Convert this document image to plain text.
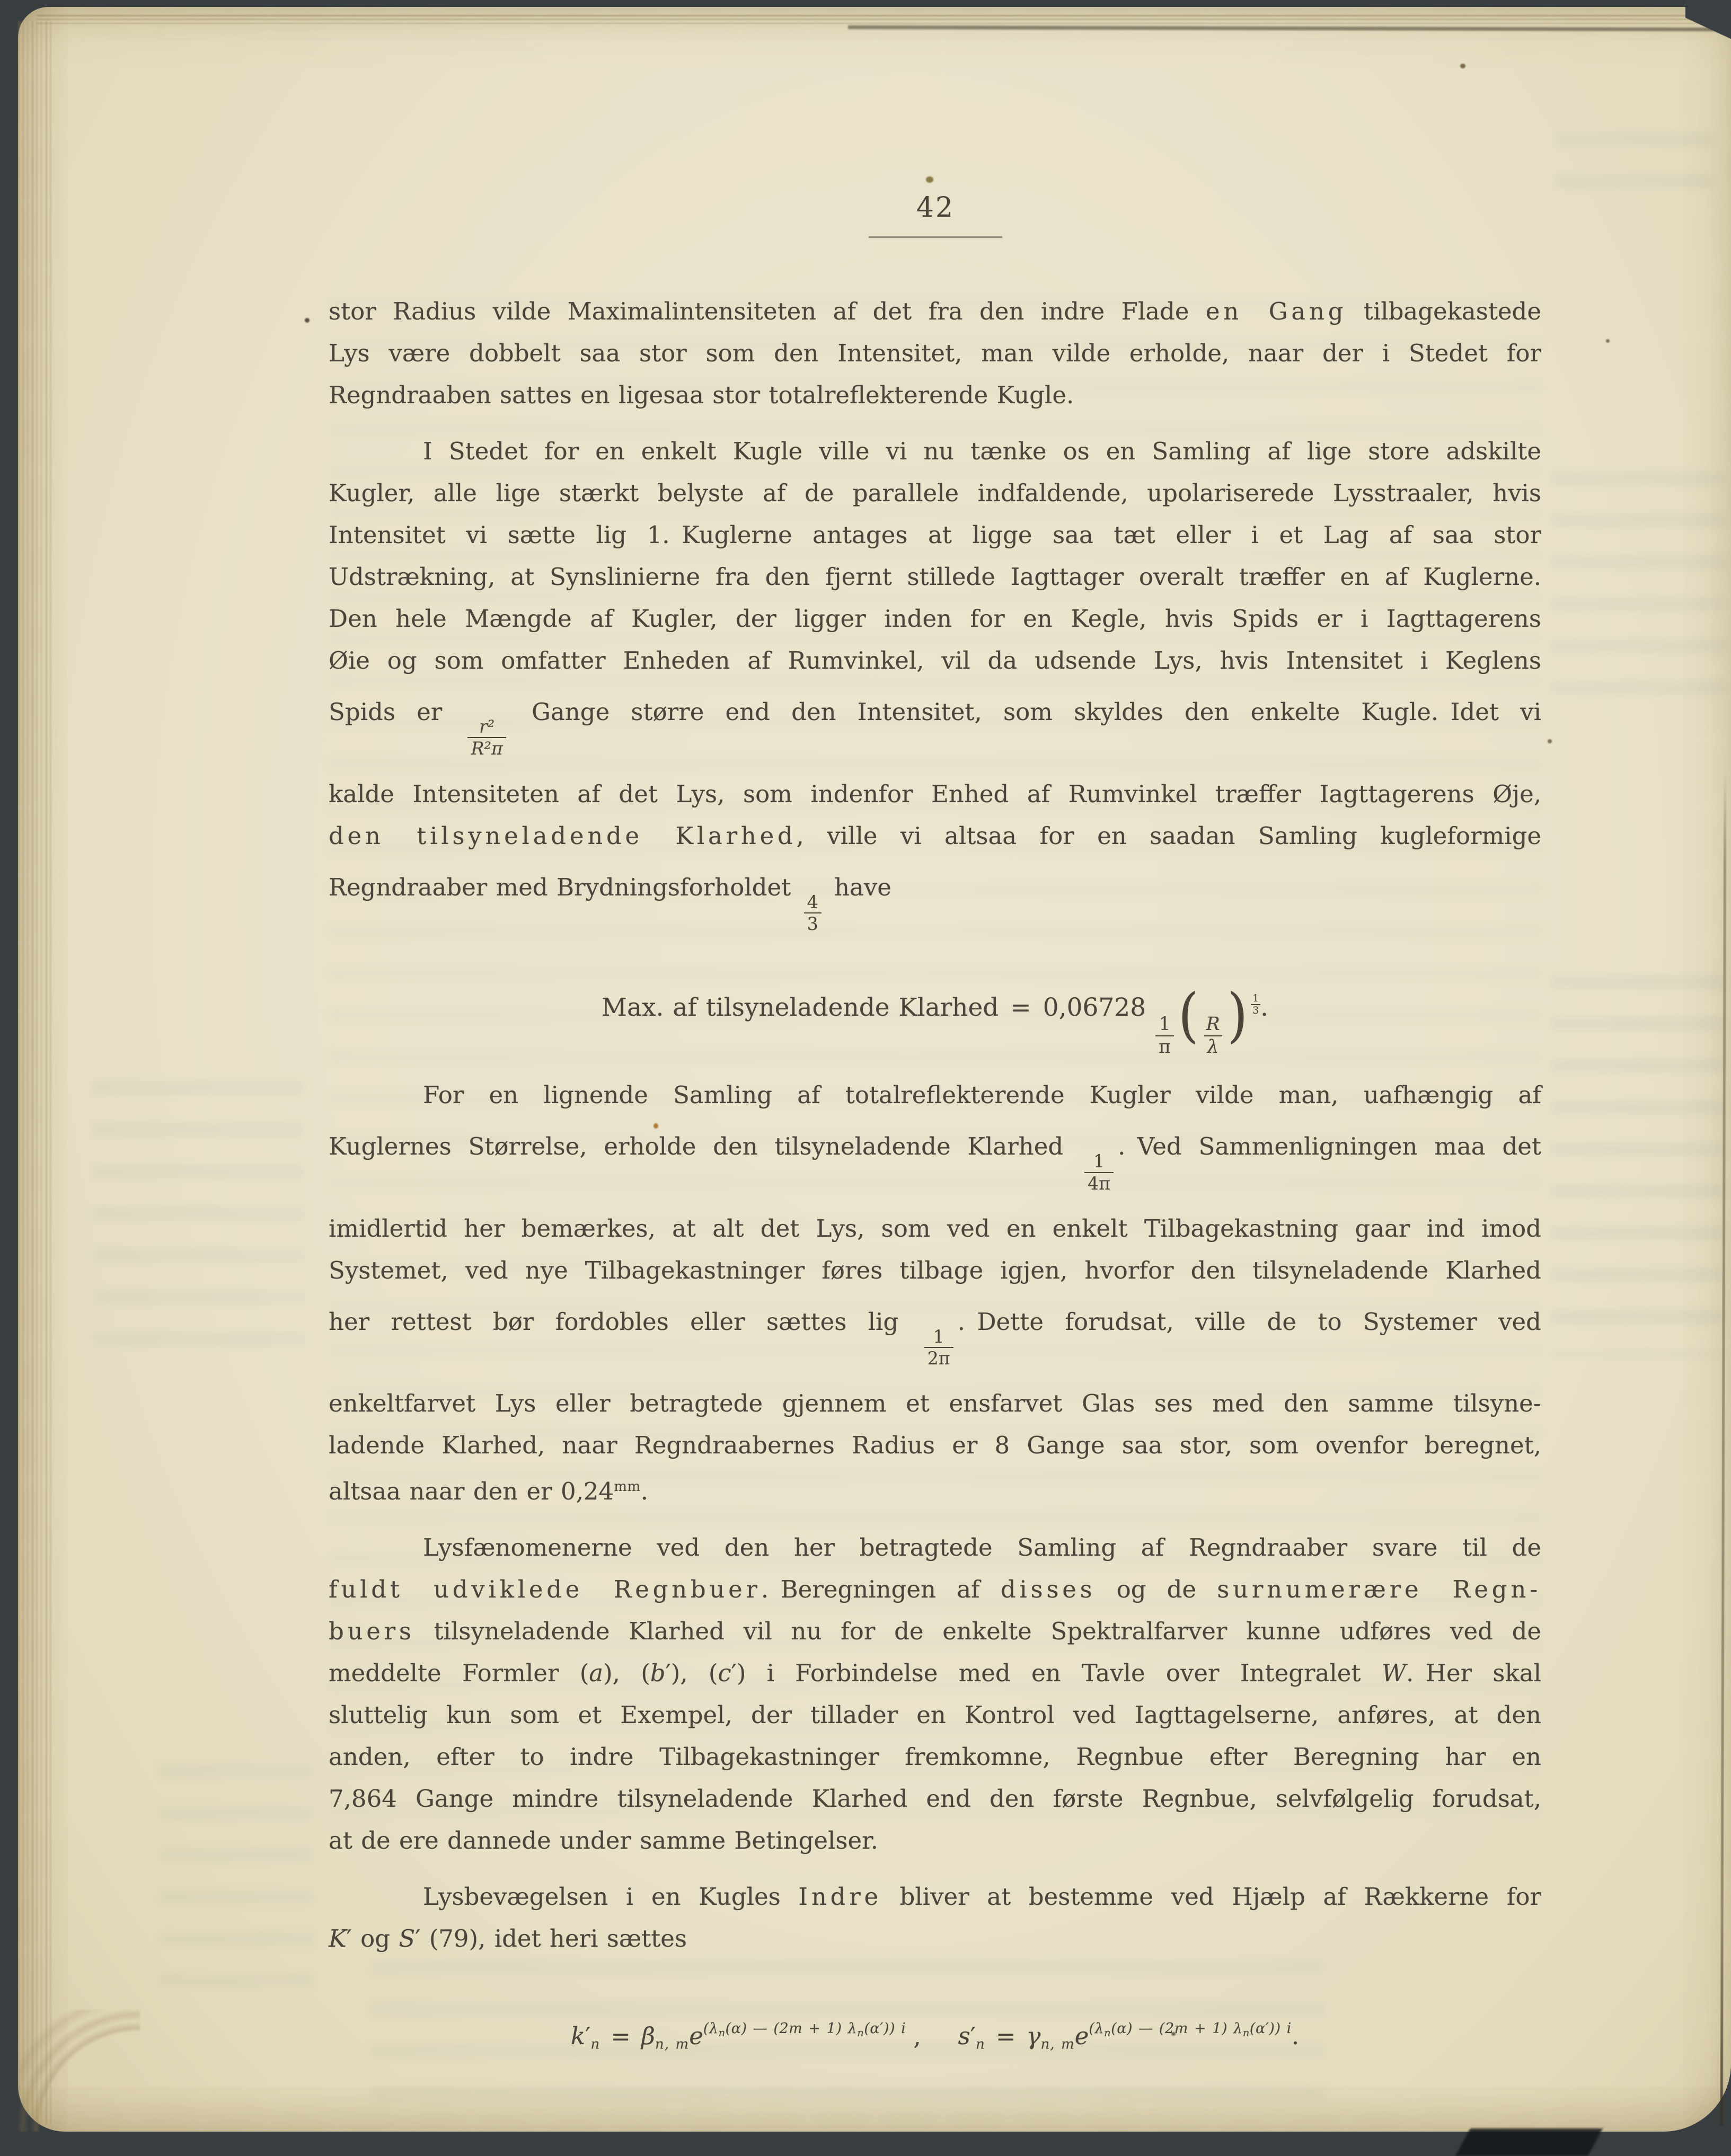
42
stor Radius vilde Maximalintensiteten af det fra den indre Flade en Gang tilbagekastede
Lys være dobbelt saa stor som den Intensitet, man vilde erholde, naar der i Stedet for
Regndraaben sattes en ligesaa stor totalreflekterende Kugle.
I Stedet for en enkelt Kugle ville vi nu tænke os en Samling af lige store adskilte
Kugler, alle lige stærkt belyste af de parallele indfaldende, upolariserede Lysstraaler, hvis
Intensitet vi sætte lig 1. Kuglerne antages at ligge saa tæt eller i et Lag af saa stor
Udstrækning, at Synslinierne fra den fjernt stillede Iagttager overalt træffer en af Kuglerne.
Den hele Mængde af Kugler, der ligger inden for en Kegle, hvis Spids er i Iagttagerens
Øie og som omfatter Enheden af Rumvinkel, vil da udsende Lys, hvis Intensitet i Keglens
Spids er
$\frac{\text{r²}}{\text{R²π}}$
Gange større end den Intensitet, som skyldes den enkelte Kugle. Idet vi
kalde Intensiteten af det Lys, som indenfor Enhed af Rumvinkel træffer Iagttagerens Øje,
den tilsyneladende Klarhed, ville vi altsaa for en saadan Samling kugleformige
Regndraaber med Brydningsforholdet
$\frac{4}{3}$
have
Max. af tilsyneladende Klarhed = 0,06728
$\frac{1}{\pi}$ ( $\frac{R}{\lambda}$ ) $\frac{1}{3}$ .
For en lignende Samling af totalreflekterende Kugler vilde man, uafhængig af
Kuglernes Størrelse, erholde den tilsyneladende Klarhed
$\frac{1}{4\pi}$
. Ved Sammenligningen maa det
imidlertid her bemærkes, at alt det Lys, som ved en enkelt Tilbagekastning gaar ind imod
Systemet, ved nye Tilbagekastninger føres tilbage igjen, hvorfor den tilsyneladende Klarhed
her rettest bør fordobles eller sættes lig
$\frac{1}{2\pi}$
. Dette forudsat, ville de to Systemer ved
enkeltfarvet Lys eller betragtede gjennem et ensfarvet Glas ses med den samme tilsyne-
ladende Klarhed, naar Regndraabernes Radius er 8 Gange saa stor, som ovenfor beregnet,
altsaa naar den er $0,24^{mm}$.
Lysfænomenerne ved den her betragtede Samling af Regndraaber svare til de
fuldt udviklede Regnbuer. Beregningen af disses og de surnumerære Regn-
buers tilsyneladende Klarhed vil nu for de enkelte Spektralfarver kunne udføres ved de
meddelte Formler (a), (b′), (c′) i Forbindelse med en Tavle over Integralet W. Her skal
sluttelig kun som et Exempel, der tillader en Kontrol ved Iagttagelserne, anføres, at den
anden, efter to indre Tilbagekastninger fremkomne, Regnbue efter Beregning har en
7,864 Gange mindre tilsyneladende Klarhed end den første Regnbue, selvfølgelig forudsat,
at de ere dannede under samme Betingelser.
Lysbevægelsen i en Kugles Indre bliver at bestemme ved Hjælp af Rækkerne for
K′ og S′ (79), idet heri sættes
k′n = βn, $me^{(\lambda_n(\alpha) — (2m + 1) \lambda_n(\alpha')) i}$ , s′n = γn, $me^{(\lambda_n(\alpha) — (2m + 1) \lambda_n(\alpha')) i}$.
